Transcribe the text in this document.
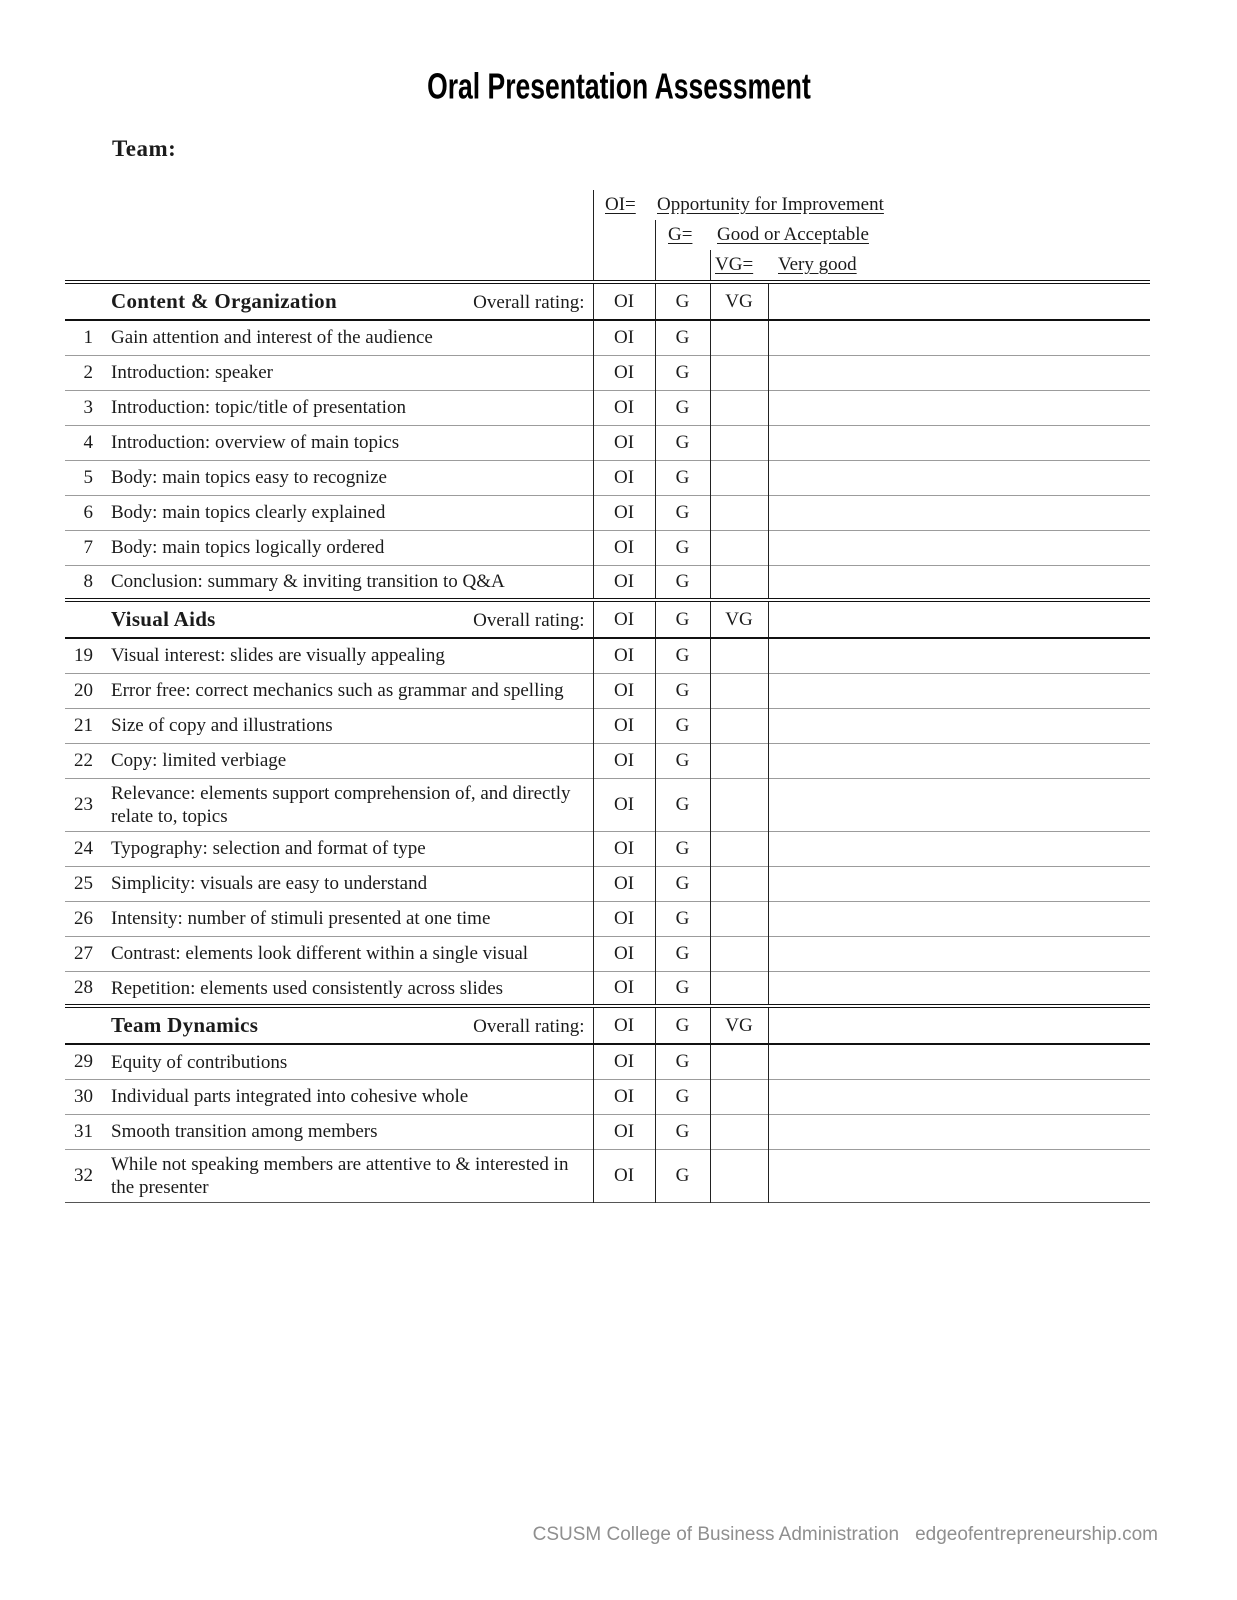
Oral Presentation Assessment
Team:
OI= Opportunity for Improvement
G= Good or Acceptable
VG= Very good

	Content & Organization Overall rating:	OI	G	VG	
1	Gain attention and interest of the audience	OI	G		
2	Introduction: speaker	OI	G		
3	Introduction: topic/title of presentation	OI	G		
4	Introduction: overview of main topics	OI	G		
5	Body: main topics easy to recognize	OI	G		
6	Body: main topics clearly explained	OI	G		
7	Body: main topics logically ordered	OI	G		
8	Conclusion: summary & inviting transition to Q&A	OI	G		

	Visual Aids Overall rating:	OI	G	VG	
19	Visual interest: slides are visually appealing	OI	G		
20	Error free: correct mechanics such as grammar and spelling	OI	G		
21	Size of copy and illustrations	OI	G		
22	Copy: limited verbiage	OI	G		
23	Relevance: elements support comprehension of, and directly relate to, topics	OI	G		
24	Typography: selection and format of type	OI	G		
25	Simplicity: visuals are easy to understand	OI	G		
26	Intensity: number of stimuli presented at one time	OI	G		
27	Contrast: elements look different within a single visual	OI	G		
28	Repetition: elements used consistently across slides	OI	G		

	Team Dynamics Overall rating:	OI	G	VG	
29	Equity of contributions	OI	G		
30	Individual parts integrated into cohesive whole	OI	G		
31	Smooth transition among members	OI	G		
32	While not speaking members are attentive to & interested in the presenter	OI	G		
CSUSM College of Business Administration edgeofentrepreneurship.com
